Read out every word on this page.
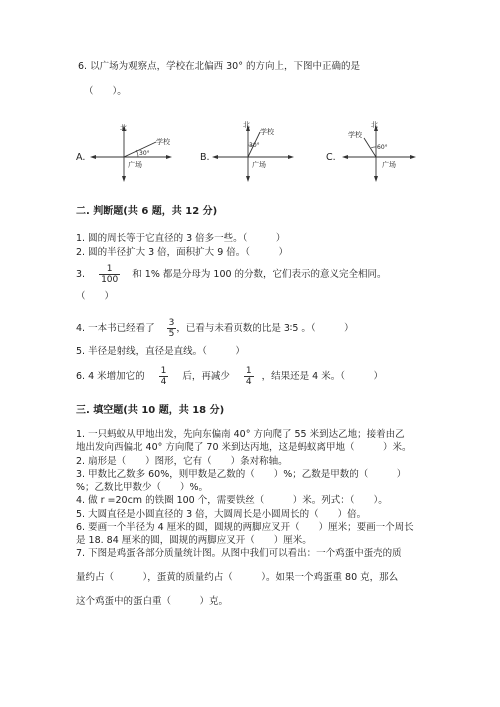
6. 以广场为观察点，学校在北偏西 30° 的方向上，下图中正确的是
（　　）。
A.
北
学校
30°
广场
B.
北
学校
30°
广场
C.
北
学校
60°
广场
二. 判断题(共 6 题，共 12 分)
1. 圆的周长等于它直径的 3 倍多一些。（　　　）
2. 圆的半径扩大 3 倍，面积扩大 9 倍。（　　　）
3. $\frac{1}{100}$ 和 1% 都是分母为 100 的分数，它们表示的意义完全相同。
（　　）
4. 一本书已经看了 $\frac{3}{5}$ ，已看与未看页数的比是 3∶5 。（　　　）
5. 半径是射线，直径是直线。（　　　）
6. 4 米增加它的 $\frac{1}{4}$ 后，再减少 $\frac{1}{4}$ ，结果还是 4 米。（　　　）
三. 填空题(共 10 题，共 18 分)
1. 一只蚂蚁从甲地出发，先向东偏南 40° 方向爬了 55 米到达乙地；接着由乙
地出发向西偏北 40° 方向爬了 70 米到达丙地，这是蚂蚁离甲地（　　　）米。
2. 扇形是（　　）图形，它有（　　）条对称轴。
3. 甲数比乙数多 60%，则甲数是乙数的（　　）%；乙数是甲数的（　　　）
%；乙数比甲数少（　　）%。
4. 做 r =20cm 的铁圈 100 个，需要铁丝（　　　）米。列式：（　　）。
5. 大圆直径是小圆直径的 3 倍，大圆周长是小圆周长的（　　）倍。
6. 要画一个半径为 4 厘米的圆，圆规的两脚应叉开（　　）厘米；要画一个周长
是 18. 84 厘米的圆，圆规的两脚应叉开（　　）厘米。
7. 下图是鸡蛋各部分质量统计图。从图中我们可以看出：一个鸡蛋中蛋壳的质
量约占（　　　），蛋黄的质量约占（　　　）。如果一个鸡蛋重 80 克，那么
这个鸡蛋中的蛋白重（　　　）克。
